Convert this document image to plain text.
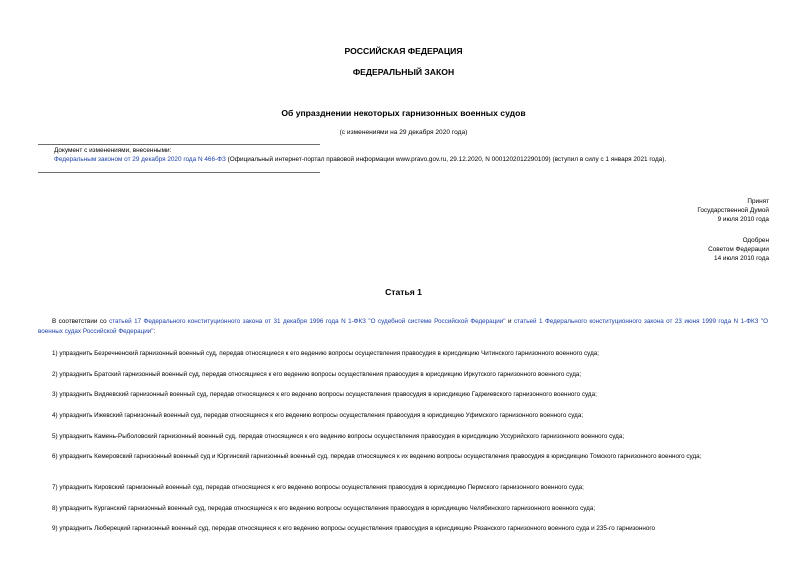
РОССИЙСКАЯ ФЕДЕРАЦИЯ
ФЕДЕРАЛЬНЫЙ ЗАКОН
Об упразднении некоторых гарнизонных военных судов
(с изменениями на 29 декабря 2020 года)
Документ с изменениями, внесенными:
Федеральным законом от 29 декабря 2020 года N 466-ФЗ (Официальный интернет-портал правовой информации www.pravo.gov.ru, 29.12.2020, N 0001202012290109) (вступил в силу с 1 января 2021 года).
Принят
Государственной Думой
9 июля 2010 года
Одобрен
Советом Федерации
14 июля 2010 года
Статья 1
В соответствии со статьей 17 Федерального конституционного закона от 31 декабря 1996 года N 1-ФКЗ "О судебной системе Российской Федерации" и статьей 1 Федерального конституционного закона от 23 июня 1999 года N 1-ФКЗ "О военных судах Российской Федерации":
1) упразднить Безречненский гарнизонный военный суд, передав относящиеся к его ведению вопросы осуществления правосудия в юрисдикцию Читинского гарнизонного военного суда;
2) упразднить Братский гарнизонный военный суд, передав относящиеся к его ведению вопросы осуществления правосудия в юрисдикцию Иркутского гарнизонного военного суда;
3) упразднить Видяевский гарнизонный военный суд, передав относящиеся к его ведению вопросы осуществления правосудия в юрисдикцию Гаджиевского гарнизонного военного суда;
4) упразднить Ижевский гарнизонный военный суд, передав относящиеся к его ведению вопросы осуществления правосудия в юрисдикцию Уфимского гарнизонного военного суда;
5) упразднить Камень-Рыболовский гарнизонный военный суд, передав относящиеся к его ведению вопросы осуществления правосудия в юрисдикцию Уссурийского гарнизонного военного суда;
6) упразднить Кемеровский гарнизонный военный суд и Юргинский гарнизонный военный суд, передав относящиеся к их ведению вопросы осуществления правосудия в юрисдикцию Томского гарнизонного военного суда;
7) упразднить Кировский гарнизонный военный суд, передав относящиеся к его ведению вопросы осуществления правосудия в юрисдикцию Пермского гарнизонного военного суда;
8) упразднить Курганский гарнизонный военный суд, передав относящиеся к его ведению вопросы осуществления правосудия в юрисдикцию Челябинского гарнизонного военного суда;
9) упразднить Люберецкий гарнизонный военный суд, передав относящиеся к его ведению вопросы осуществления правосудия в юрисдикцию Рязанского гарнизонного военного суда и 235-го гарнизонного
